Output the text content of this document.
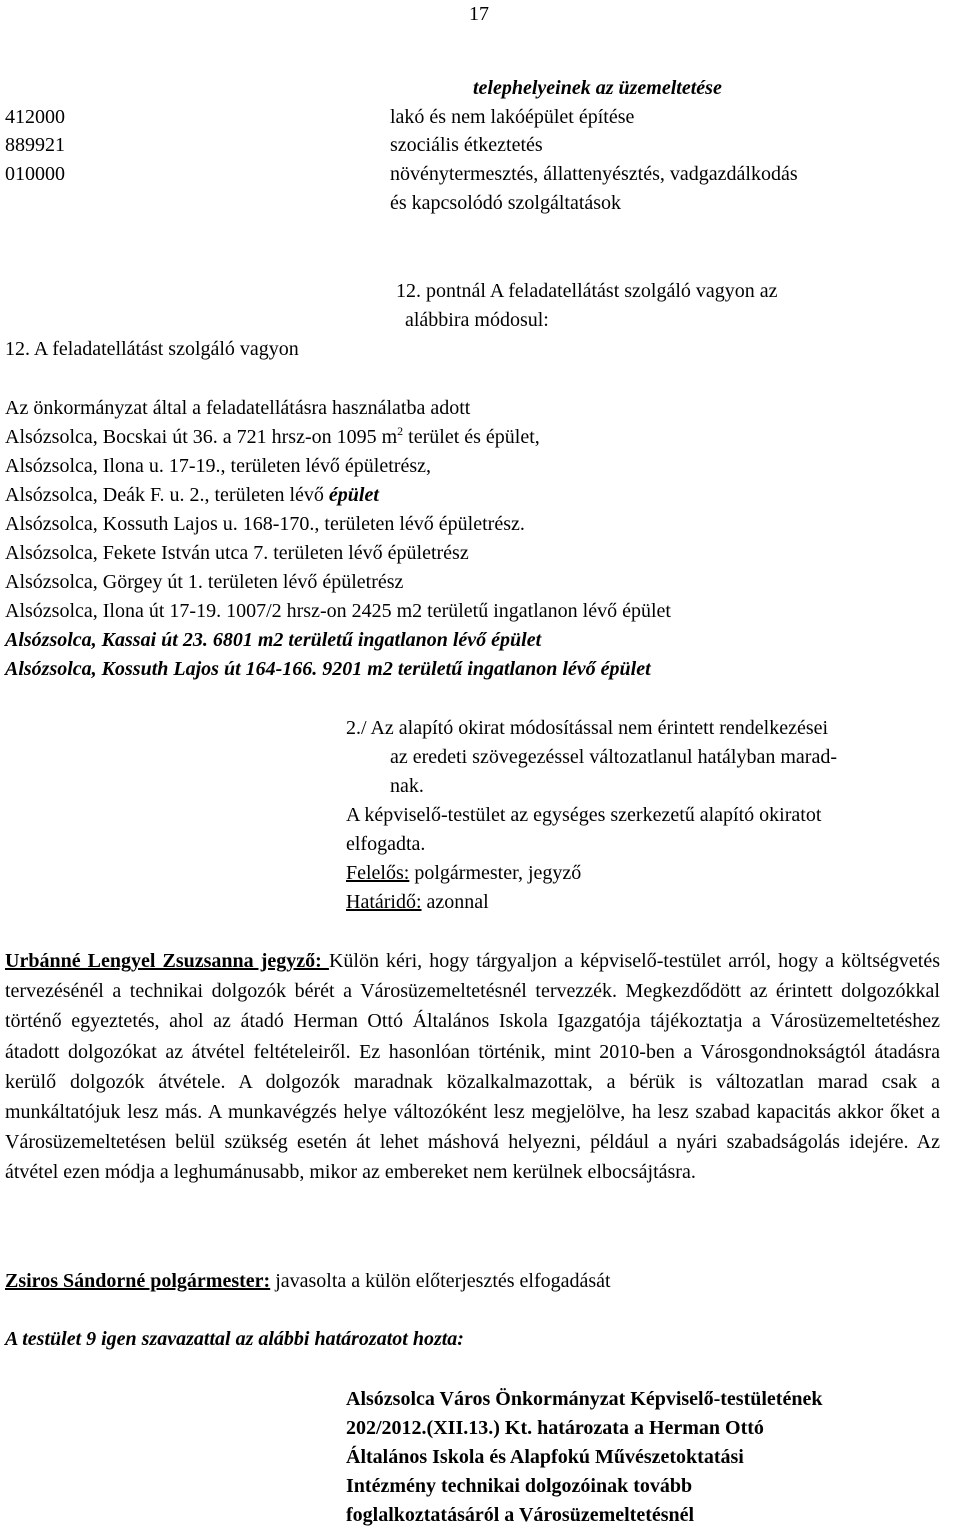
17
telephelyeinek az üzemeltetése
412000	lakó és nem lakóépület építése
889921	szociális étkeztetés
010000	növénytermesztés, állattenyésztés, vadgazdálkodás
és kapcsolódó szolgáltatások
12. pontnál A feladatellátást szolgáló vagyon az
alábbira módosul:
12. A feladatellátást szolgáló vagyon
Az önkormányzat által a feladatellátásra használatba adott
Alsózsolca, Bocskai út 36. a 721 hrsz-on 1095 $m^2$ terület és épület,
Alsózsolca, Ilona u. 17-19., területen lévő épületrész,
Alsózsolca, Deák F. u. 2., területen lévő épület
Alsózsolca, Kossuth Lajos u. 168-170., területen lévő épületrész.
Alsózsolca, Fekete István utca 7. területen lévő épületrész
Alsózsolca, Görgey út 1. területen lévő épületrész
Alsózsolca, Ilona út 17-19. 1007/2 hrsz-on 2425 m2 területű ingatlanon lévő épület
Alsózsolca, Kassai út 23. 6801 m2 területű ingatlanon lévő épület
Alsózsolca, Kossuth Lajos út 164-166. 9201 m2 területű ingatlanon lévő épület
2./ Az alapító okirat módosítással nem érintett rendelkezései
az eredeti szövegezéssel változatlanul hatályban marad-
nak.
A képviselő-testület az egységes szerkezetű alapító okiratot
elfogadta.
Felelős: polgármester, jegyző
Határidő: azonnal
Urbánné Lengyel Zsuzsanna jegyző: Külön kéri, hogy tárgyaljon a képviselő-testület arról, hogy a költségvetés tervezésénél a technikai dolgozók bérét a Városüzemeltetésnél tervezzék. Megkezdődött az érintett dolgozókkal történő egyeztetés, ahol az átadó Herman Ottó Általános Iskola Igazgatója tájékoztatja a Városüzemeltetéshez átadott dolgozókat az átvétel feltételeiről. Ez hasonlóan történik, mint 2010-ben a Városgondnokságtól átadásra kerülő dolgozók átvétele. A dolgozók maradnak közalkalmazottak, a bérük is változatlan marad csak a munkáltatójuk lesz más. A munkavégzés helye változóként lesz megjelölve, ha lesz szabad kapacitás akkor őket a Városüzemeltetésen belül szükség esetén át lehet máshová helyezni, például a nyári szabadságolás idejére. Az átvétel ezen módja a leghumánusabb, mikor az embereket nem kerülnek elbocsájtásra.
Zsiros Sándorné polgármester: javasolta a külön előterjesztés elfogadását
A testület 9 igen szavazattal az alábbi határozatot hozta:
Alsózsolca Város Önkormányzat Képviselő-testületének
202/2012.(XII.13.) Kt. határozata a Herman Ottó
Általános Iskola és Alapfokú Művészetoktatási
Intézmény technikai dolgozóinak tovább
foglalkoztatásáról a Városüzemeltetésnél
